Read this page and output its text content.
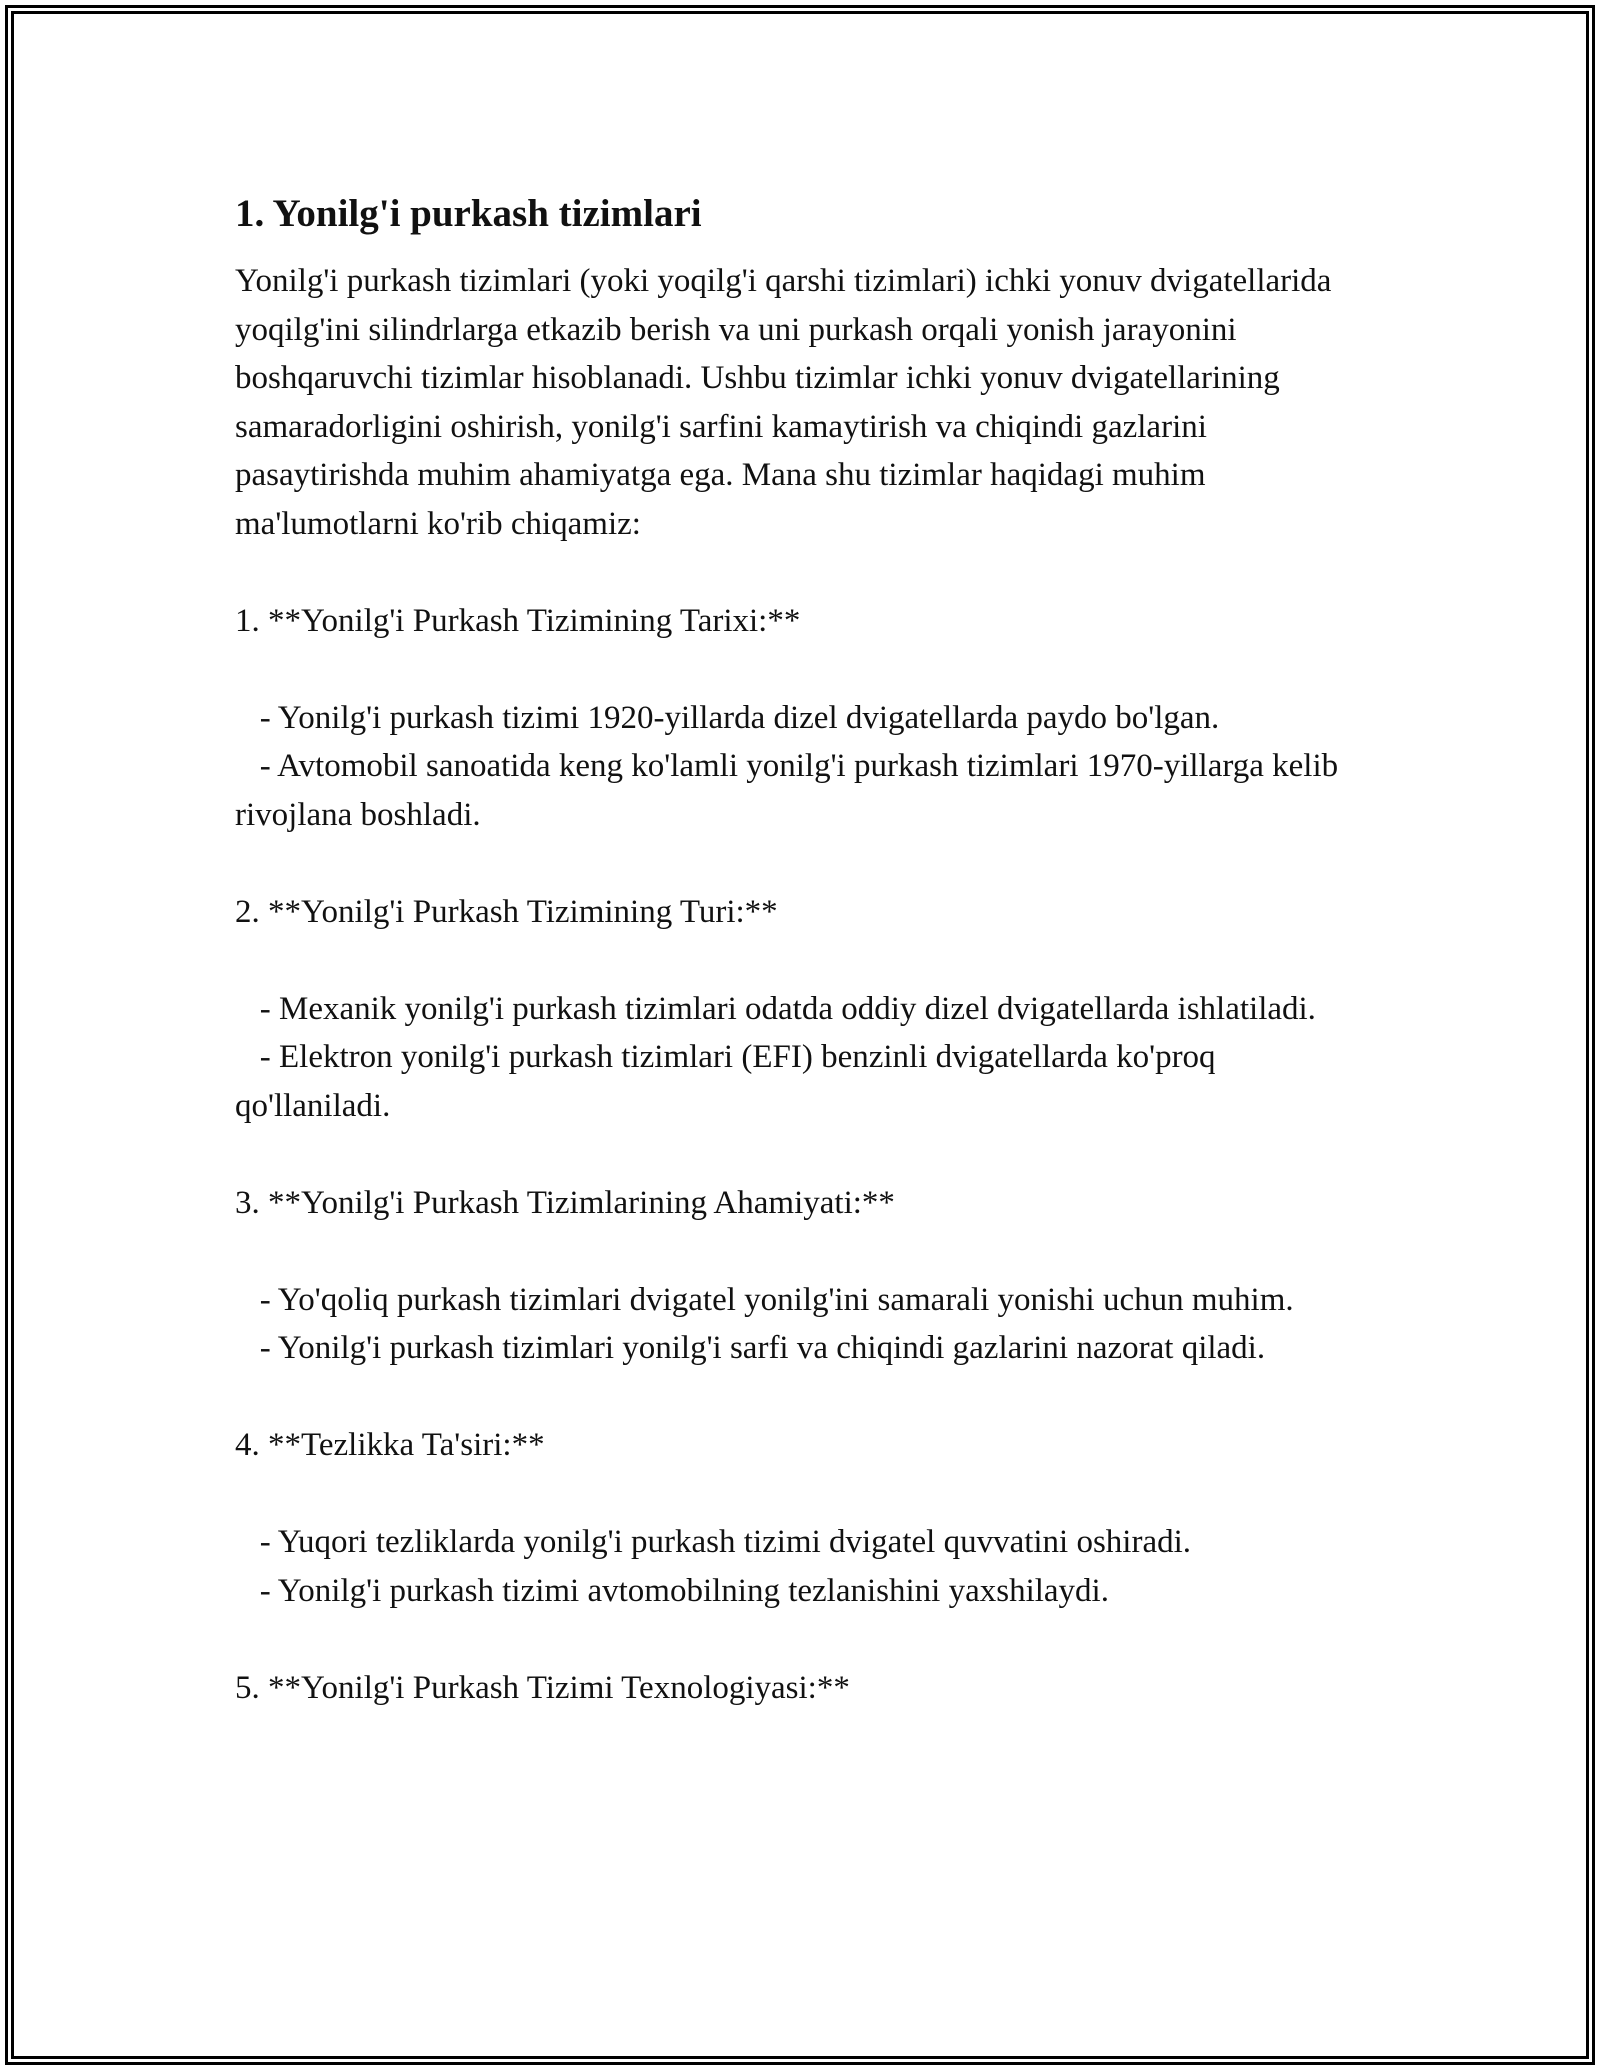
1. Yonilg'i purkash tizimlari

Yonilg'i purkash tizimlari (yoki yoqilg'i qarshi tizimlari) ichki yonuv dvigatellarida yoqilg'ini silindrlarga etkazib berish va uni purkash orqali yonish jarayonini boshqaruvchi tizimlar hisoblanadi. Ushbu tizimlar ichki yonuv dvigatellarining samaradorligini oshirish, yonilg'i sarfini kamaytirish va chiqindi gazlarini pasaytirishda muhim ahamiyatga ega. Mana shu tizimlar haqidagi muhim ma'lumotlarni ko'rib chiqamiz:

1. **Yonilg'i Purkash Tizimining Tarixi:**

- Yonilg'i purkash tizimi 1920-yillarda dizel dvigatellarda paydo bo'lgan.

- Avtomobil sanoatida keng ko'lamli yonilg'i purkash tizimlari 1970-yillarga kelib rivojlana boshladi.

2. **Yonilg'i Purkash Tizimining Turi:**

- Mexanik yonilg'i purkash tizimlari odatda oddiy dizel dvigatellarda ishlatiladi.

- Elektron yonilg'i purkash tizimlari (EFI) benzinli dvigatellarda ko'proq qo'llaniladi.

3. **Yonilg'i Purkash Tizimlarining Ahamiyati:**

- Yo'qoliq purkash tizimlari dvigatel yonilg'ini samarali yonishi uchun muhim.

- Yonilg'i purkash tizimlari yonilg'i sarfi va chiqindi gazlarini nazorat qiladi.

4. **Tezlikka Ta'siri:**

- Yuqori tezliklarda yonilg'i purkash tizimi dvigatel quvvatini oshiradi.

- Yonilg'i purkash tizimi avtomobilning tezlanishini yaxshilaydi.

5. **Yonilg'i Purkash Tizimi Texnologiyasi:**
